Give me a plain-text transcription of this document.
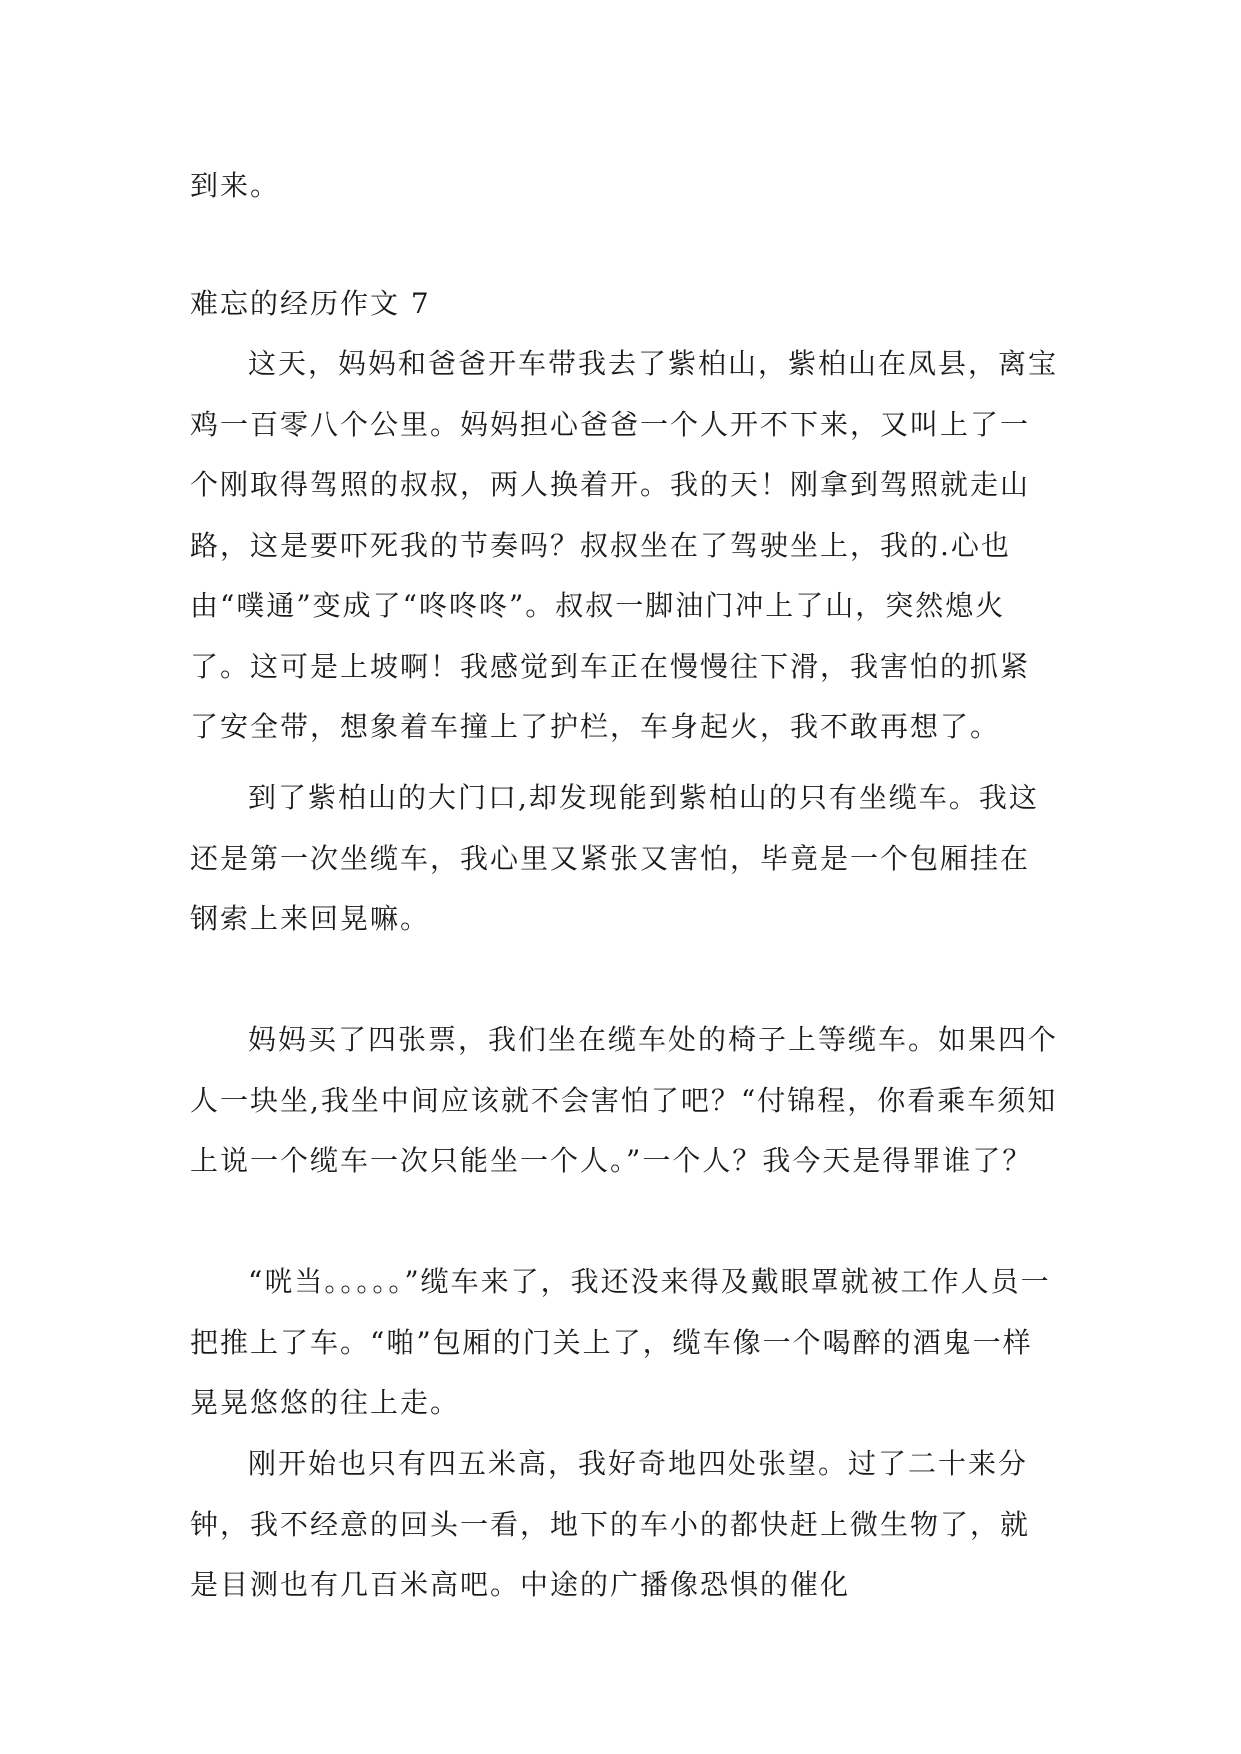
到来。

难忘的经历作文 7

这天，妈妈和爸爸开车带我去了紫柏山，紫柏山在凤县，离宝鸡一百零八个公里。妈妈担心爸爸一个人开不下来，又叫上了一个刚取得驾照的叔叔，两人换着开。我的天！刚拿到驾照就走山路，这是要吓死我的节奏吗？叔叔坐在了驾驶坐上，我的.心也由“噗通”变成了“咚咚咚”。叔叔一脚油门冲上了山，突然熄火了。这可是上坡啊！我感觉到车正在慢慢往下滑，我害怕的抓紧了安全带，想象着车撞上了护栏，车身起火，我不敢再想了。

到了紫柏山的大门口,却发现能到紫柏山的只有坐缆车。我这还是第一次坐缆车，我心里又紧张又害怕，毕竟是一个包厢挂在钢索上来回晃嘛。

妈妈买了四张票，我们坐在缆车处的椅子上等缆车。如果四个人一块坐,我坐中间应该就不会害怕了吧？“付锦程，你看乘车须知上说一个缆车一次只能坐一个人。”一个人？我今天是得罪谁了？

“咣当。。。。。”缆车来了，我还没来得及戴眼罩就被工作人员一把推上了车。“啪”包厢的门关上了，缆车像一个喝醉的酒鬼一样晃晃悠悠的往上走。

刚开始也只有四五米高，我好奇地四处张望。过了二十来分钟，我不经意的回头一看，地下的车小的都快赶上微生物了，就是目测也有几百米高吧。中途的广播像恐惧的催化
